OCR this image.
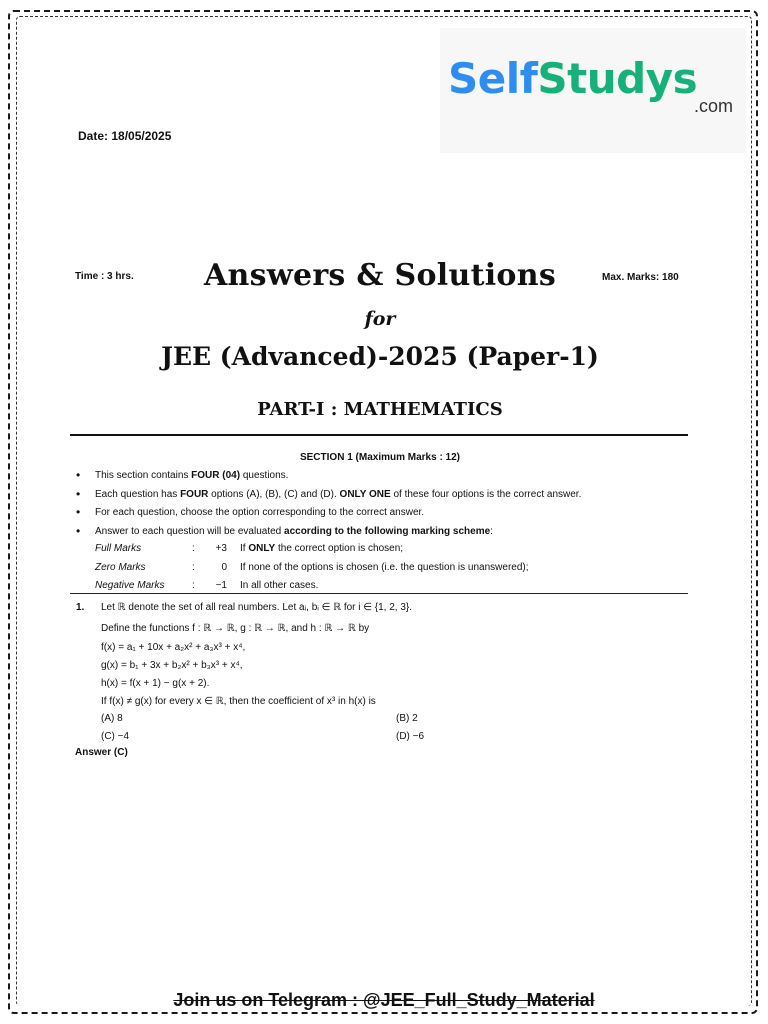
SelfStudys
.com
Date: 18/05/2025
Time : 3 hrs.	Max. Marks: 180
Answers & Solutions
for
JEE (Advanced)-2025 (Paper-1)
PART-I : MATHEMATICS
SECTION 1 (Maximum Marks : 12)
• This section contains FOUR (04) questions.
• Each question has FOUR options (A), (B), (C) and (D). ONLY ONE of these four options is the correct answer.
• For each question, choose the option corresponding to the correct answer.
• Answer to each question will be evaluated according to the following marking scheme:
Full Marks	:	+3 If ONLY the correct option is chosen;
Zero Marks	:	0 If none of the options is chosen (i.e. the question is unanswered);
Negative Marks	:	−1 In all other cases.
1. Let ℝ denote the set of all real numbers. Let aᵢ, bᵢ ∈ ℝ for i ∈ {1, 2, 3}.
Define the functions f : ℝ → ℝ, g : ℝ → ℝ, and h : ℝ → ℝ by
f(x) = a₁ + 10x + a₂x² + a₃x³ + x⁴,
g(x) = b₁ + 3x + b₂x² + b₃x³ + x⁴,
h(x) = f(x + 1) − g(x + 2).
If f(x) ≠ g(x) for every x ∈ ℝ, then the coefficient of x³ in h(x) is
(A) 8	(B) 2
(C) −4	(D) −6
Answer (C)
Join us on Telegram : @JEE_Full_Study_Material
